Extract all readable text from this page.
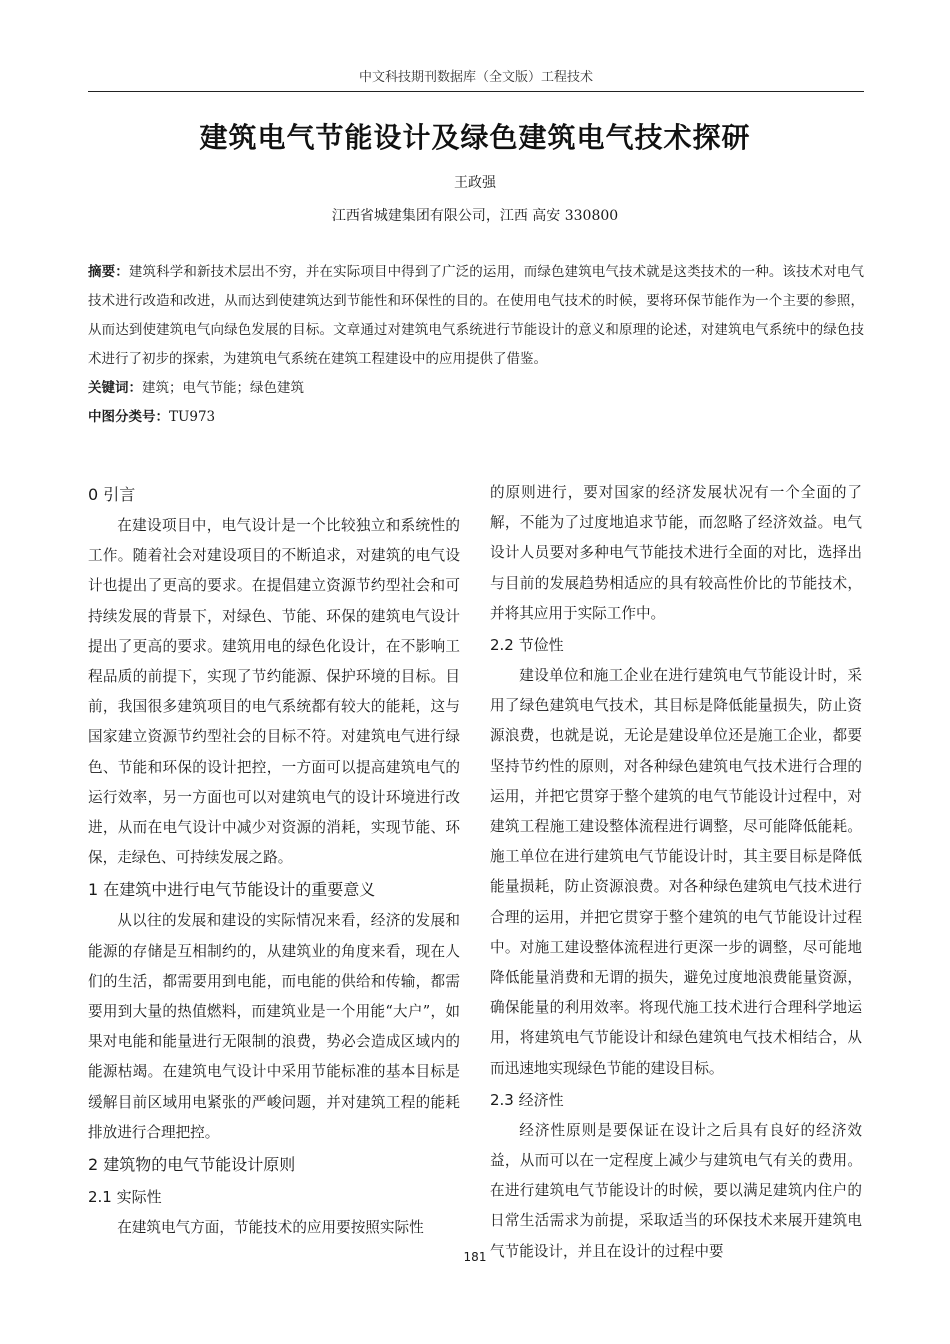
中文科技期刊数据库（全文版）工程技术
建筑电气节能设计及绿色建筑电气技术探研
王政强
江西省城建集团有限公司，江西 高安 330800

摘要：建筑科学和新技术层出不穷，并在实际项目中得到了广泛的运用，而绿色建筑电气技术就是这类技术的一种。该技术对电气技术进行改造和改进，从而达到使建筑达到节能性和环保性的目的。在使用电气技术的时候，要将环保节能作为一个主要的参照，从而达到使建筑电气向绿色发展的目标。文章通过对建筑电气系统进行节能设计的意义和原理的论述，对建筑电气系统中的绿色技术进行了初步的探索，为建筑电气系统在建筑工程建设中的应用提供了借鉴。

关键词：建筑；电气节能；绿色建筑

中图分类号：TU973

0 引言

在建设项目中，电气设计是一个比较独立和系统性的工作。随着社会对建设项目的不断追求，对建筑的电气设计也提出了更高的要求。在提倡建立资源节约型社会和可持续发展的背景下，对绿色、节能、环保的建筑电气设计提出了更高的要求。建筑用电的绿色化设计，在不影响工程品质的前提下，实现了节约能源、保护环境的目标。目前，我国很多建筑项目的电气系统都有较大的能耗，这与国家建立资源节约型社会的目标不符。对建筑电气进行绿色、节能和环保的设计把控，一方面可以提高建筑电气的运行效率，另一方面也可以对建筑电气的设计环境进行改进，从而在电气设计中减少对资源的消耗，实现节能、环保，走绿色、可持续发展之路。

1 在建筑中进行电气节能设计的重要意义

从以往的发展和建设的实际情况来看，经济的发展和能源的存储是互相制约的，从建筑业的角度来看，现在人们的生活，都需要用到电能，而电能的供给和传输，都需要用到大量的热值燃料，而建筑业是一个用能“大户”，如果对电能和能量进行无限制的浪费，势必会造成区域内的能源枯竭。在建筑电气设计中采用节能标准的基本目标是缓解目前区域用电紧张的严峻问题，并对建筑工程的能耗排放进行合理把控。

2 建筑物的电气节能设计原则
2.1 实际性

在建筑电气方面，节能技术的应用要按照实际性

的原则进行，要对国家的经济发展状况有一个全面的了解，不能为了过度地追求节能，而忽略了经济效益。电气设计人员要对多种电气节能技术进行全面的对比，选择出与目前的发展趋势相适应的具有较高性价比的节能技术，并将其应用于实际工作中。

2.2 节俭性

建设单位和施工企业在进行建筑电气节能设计时，采用了绿色建筑电气技术，其目标是降低能量损失，防止资源浪费，也就是说，无论是建设单位还是施工企业，都要坚持节约性的原则，对各种绿色建筑电气技术进行合理的运用，并把它贯穿于整个建筑的电气节能设计过程中，对建筑工程施工建设整体流程进行调整，尽可能降低能耗。施工单位在进行建筑电气节能设计时，其主要目标是降低能量损耗，防止资源浪费。对各种绿色建筑电气技术进行合理的运用，并把它贯穿于整个建筑的电气节能设计过程中。对施工建设整体流程进行更深一步的调整，尽可能地降低能量消费和无谓的损失，避免过度地浪费能量资源，确保能量的利用效率。将现代施工技术进行合理科学地运用，将建筑电气节能设计和绿色建筑电气技术相结合，从而迅速地实现绿色节能的建设目标。

2.3 经济性

经济性原则是要保证在设计之后具有良好的经济效益，从而可以在一定程度上减少与建筑电气有关的费用。在进行建筑电气节能设计的时候，要以满足建筑内住户的日常生活需求为前提，采取适当的环保技术来展开建筑电气节能设计，并且在设计的过程中要

181
